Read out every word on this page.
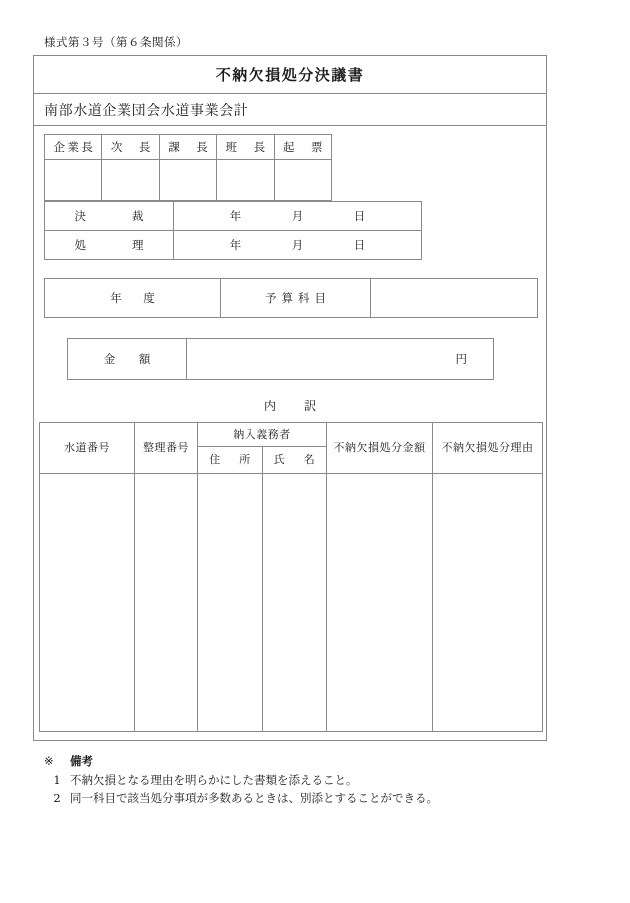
様式第３号（第６条関係）
不納欠損処分決議書
南部水道企業団会水道事業会計
企業長	次　長	課　長	班　長	起　票

決　　　　裁	年 月 日
処　　　　理	年 月 日
年　度	予算科目	
金　額	円
内　訳
水道番号	整理番号	納入義務者		不納欠損処分金額	不納欠損処分理由
		住　所	氏　名		

※	備考
1 不納欠損となる理由を明らかにした書類を添えること。
2 同一科目で該当処分事項が多数あるときは、別添とすることができる。
